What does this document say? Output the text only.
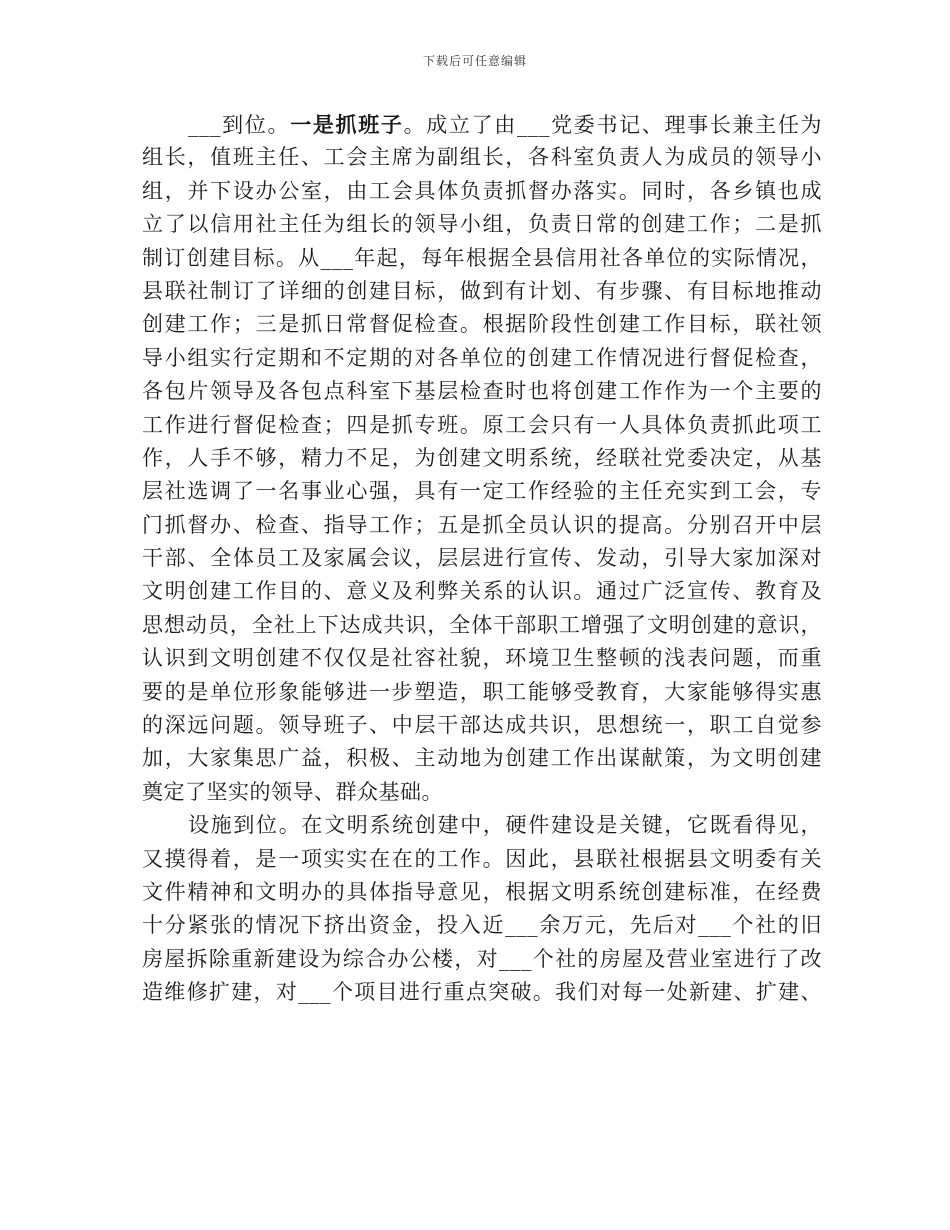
下载后可任意编辑
___到位。一是抓班子。成立了由___党委书记、理事长兼主任为
组长，值班主任、工会主席为副组长，各科室负责人为成员的领导小
组，并下设办公室，由工会具体负责抓督办落实。同时，各乡镇也成
立了以信用社主任为组长的领导小组，负责日常的创建工作；二是抓
制订创建目标。从___年起，每年根据全县信用社各单位的实际情况，
县联社制订了详细的创建目标，做到有计划、有步骤、有目标地推动
创建工作；三是抓日常督促检查。根据阶段性创建工作目标，联社领
导小组实行定期和不定期的对各单位的创建工作情况进行督促检查，
各包片领导及各包点科室下基层检查时也将创建工作作为一个主要的
工作进行督促检查；四是抓专班。原工会只有一人具体负责抓此项工
作，人手不够，精力不足，为创建文明系统，经联社党委决定，从基
层社选调了一名事业心强，具有一定工作经验的主任充实到工会，专
门抓督办、检查、指导工作；五是抓全员认识的提高。分别召开中层
干部、全体员工及家属会议，层层进行宣传、发动，引导大家加深对
文明创建工作目的、意义及利弊关系的认识。通过广泛宣传、教育及
思想动员，全社上下达成共识，全体干部职工增强了文明创建的意识，
认识到文明创建不仅仅是社容社貌，环境卫生整顿的浅表问题，而重
要的是单位形象能够进一步塑造，职工能够受教育，大家能够得实惠
的深远问题。领导班子、中层干部达成共识，思想统一，职工自觉参
加，大家集思广益，积极、主动地为创建工作出谋献策，为文明创建
奠定了坚实的领导、群众基础。
设施到位。在文明系统创建中，硬件建设是关键，它既看得见，
又摸得着，是一项实实在在的工作。因此，县联社根据县文明委有关
文件精神和文明办的具体指导意见，根据文明系统创建标准，在经费
十分紧张的情况下挤出资金，投入近___余万元，先后对___个社的旧
房屋拆除重新建设为综合办公楼，对___个社的房屋及营业室进行了改
造维修扩建，对___个项目进行重点突破。我们对每一处新建、扩建、
